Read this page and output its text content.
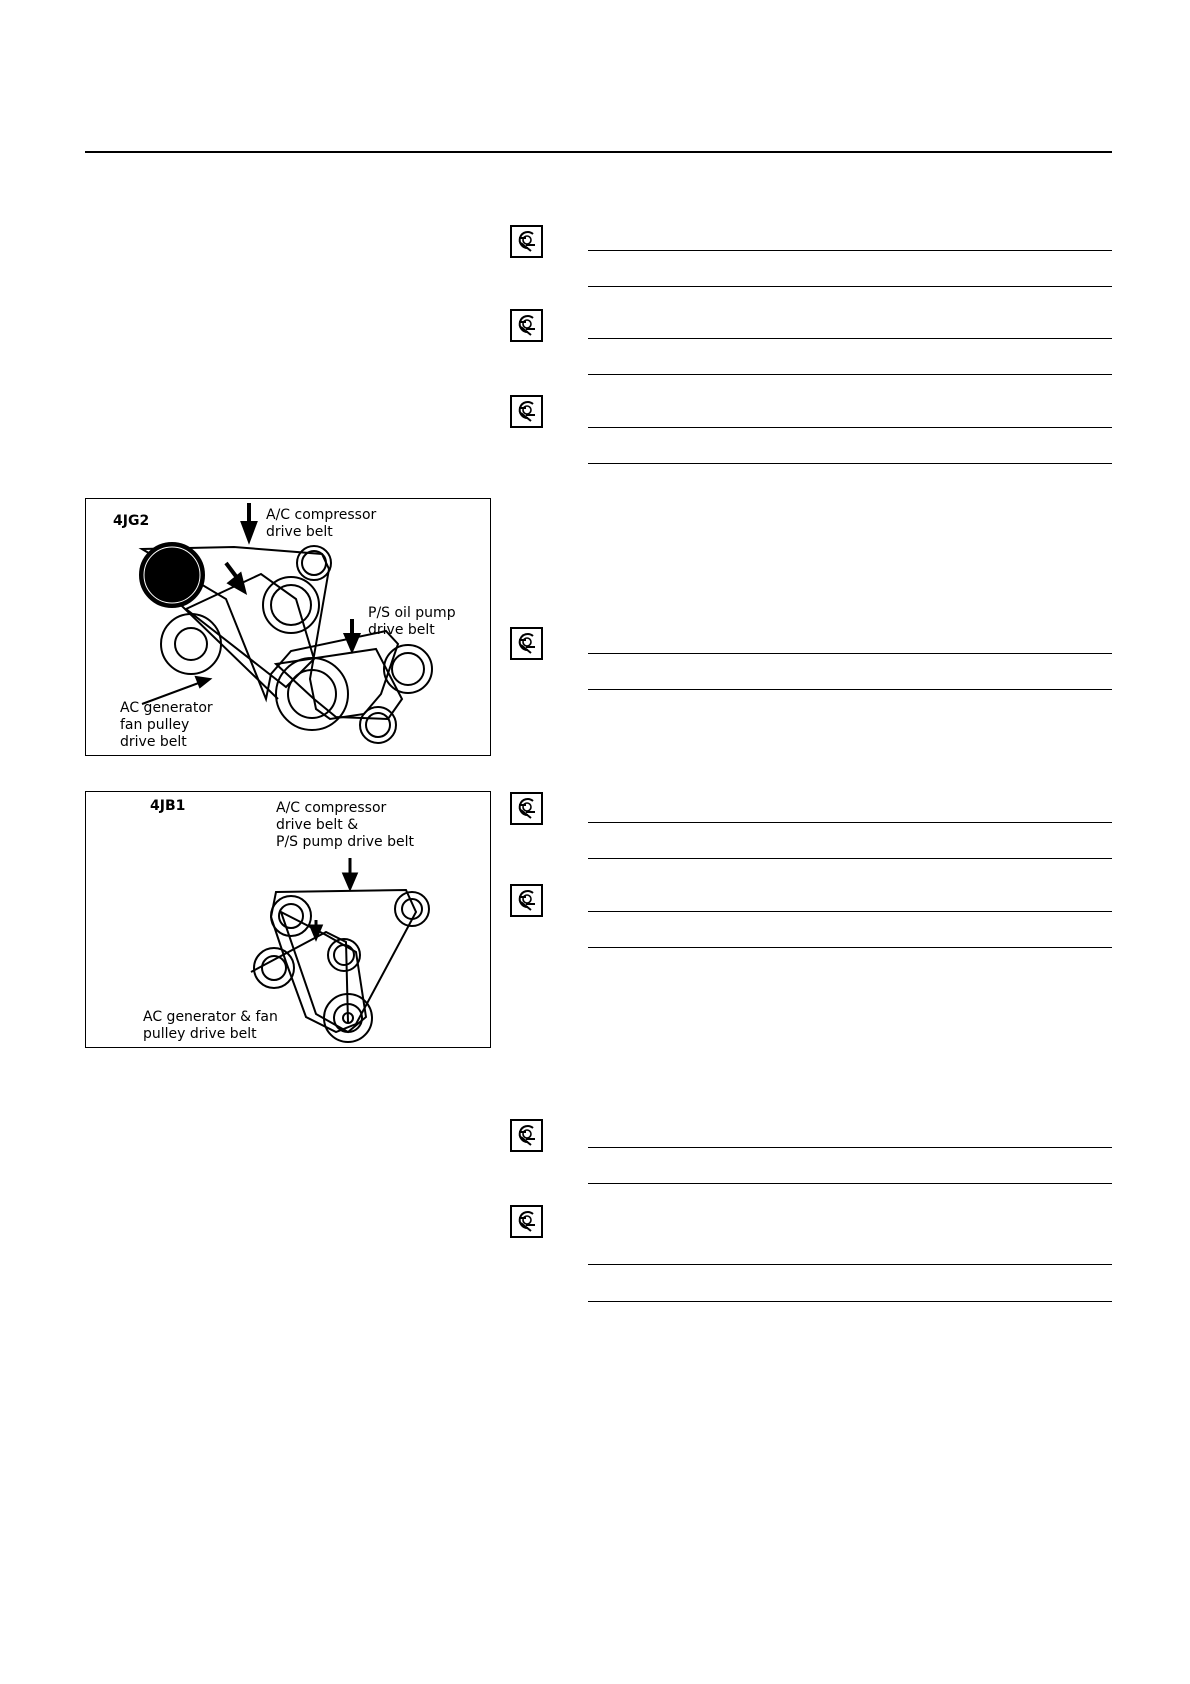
4JG2	A/C compressor
drive belt
P/S oil pump
drive belt
AC generator
fan pulley
drive belt
4JB1	A/C compressor
drive belt &
P/S pump drive belt
AC generator & fan
pulley drive belt
